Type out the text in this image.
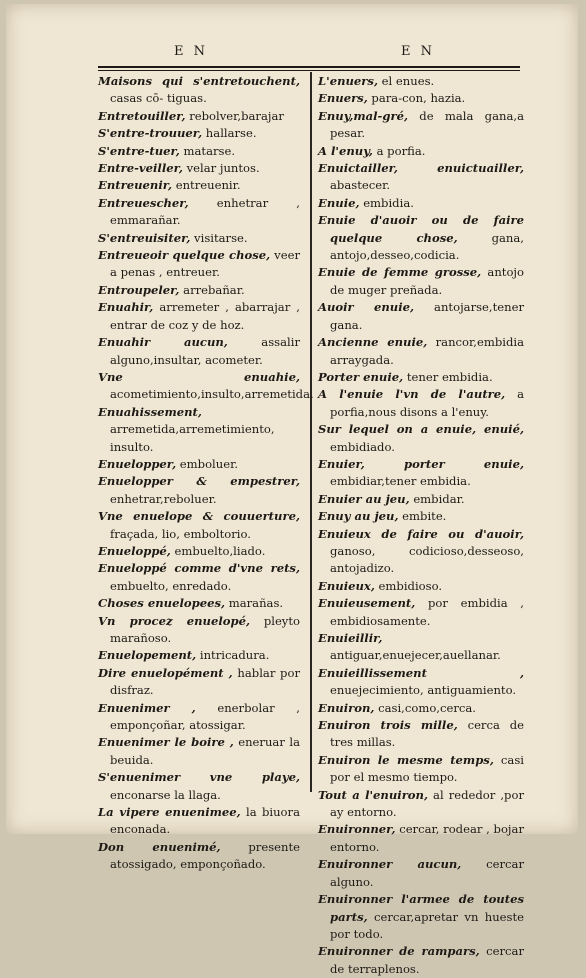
E N	E N
Maisons qui s'entretouchent, casas cō- tiguas.
Entretouiller, rebolver,barajar
S'entre-trouuer, hallarse.
S'entre-tuer, matarse.
Entre-veiller, velar juntos.
Entreuenir, entreuenir.
Entreuescher, enhetrar , emmarañar.
S'entreuisiter, visitarse.
Entreueoir quelque chose, veer a penas , entreuer.
Entroupeler, arrebañar.
Enuahir, arremeter , abarrajar , entrar de coz y de hoz.
Enuahir aucun, assalir alguno,insultar, acometer.
Vne enuahie, acometimiento,insulto,arremetida.
Enuahissement, arremetida,arremetimiento, insulto.
Enuelopper, emboluer.
Enuelopper & empestrer, enhetrar,reboluer.
Vne enuelope & couuerture, fraçada, lio, emboltorio.
Enueloppé, embuelto,liado.
Enueloppé comme d'vne rets, embuelto, enredado.
Choses enuelopees, marañas.
Vn procez enuelopé, pleyto marañoso.
Enuelopement, intricadura.
Dire enuelopément , hablar por disfraz.
Enuenimer , enerbolar , emponçoñar, atossigar.
Enuenimer le boire , eneruar la beuida.
S'enuenimer vne playe, enconarse la llaga.
La vipere enuenimee, la biuora enconada.
Don enuenimé, presente atossigado, emponçoñado.
L'enuers, el enues.
Enuers, para-con, hazia.
Enuy,mal-gré, de mala gana,a pesar.
A l'enuy, a porfia.
Enuictailler, enuictuailler, abastecer.
Enuie, embidia.
Enuie d'auoir ou de faire quelque chose, gana, antojo,desseo,codicia.
Enuie de femme grosse, antojo de muger preñada.
Auoir enuie, antojarse,tener gana.
Ancienne enuie, rancor,embidia arraygada.
Porter enuie, tener embidia.
A l'enuie l'vn de l'autre, a porfia,nous disons a l'enuy.
Sur lequel on a enuie, enuié, embidiado.
Enuier, porter enuie, embidiar,tener embidia.
Enuier au jeu, embidar.
Enuy au jeu, embite.
Enuieux de faire ou d'auoir, ganoso, codicioso,desseoso, antojadizo.
Enuieux, embidioso.
Enuieusement, por embidia , embidiosamente.
Enuieillir, antiguar,enuejecer,auellanar.
Enuieillissement , enuejecimiento, antiguamiento.
Enuiron, casi,como,cerca.
Enuiron trois mille, cerca de tres millas.
Enuiron le mesme temps, casi por el mesmo tiempo.
Tout a l'enuiron, al rededor ,por ay entorno.
Enuironner, cercar, rodear , bojar entorno.
Enuironner aucun, cercar alguno.
Enuironner l'armee de toutes parts, cercar,apretar vn hueste por todo.
Enuironner de rampars, cercar de terraplenos.
